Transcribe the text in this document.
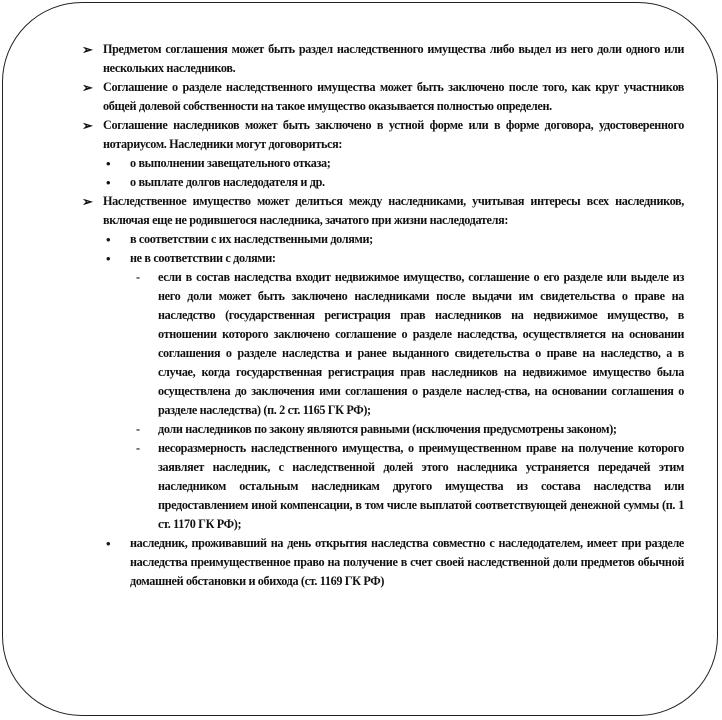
➢ Предметом соглашения может быть раздел наследственного имущества либо выдел из него доли одного или нескольких наследников.
➢ Соглашение о разделе наследственного имущества может быть заключено после того, как круг участников общей долевой собственности на такое имущество оказывается полностью определен.
➢ Соглашение наследников может быть заключено в устной форме или в форме договора, удостоверенного нотариусом. Наследники могут договориться:
• о выполнении завещательного отказа;
• о выплате долгов наследодателя и др.
➢ Наследственное имущество может делиться между наследниками, учитывая интересы всех наследников, включая еще не родившегося наследника, зачатого при жизни наследодателя:
• в соответствии с их наследственными долями;
• не в соответствии с долями:
- если в состав наследства входит недвижимое имущество, соглашение о его разделе или выделе из него доли может быть заключено наследниками после выдачи им свидетельства о праве на наследство (государственная регистрация прав наследников на недвижимое имущество, в отношении которого заключено соглашение о разделе наследства, осуществляется на основании соглашения о разделе наследства и ранее выданного свидетельства о праве на наследство, а в случае, когда государственная регистрация прав наследников на недвижимое имущество была осуществлена до заключения ими соглашения о разделе наслед-ства, на основании соглашения о разделе наследства) (п. 2 ст. 1165 ГК РФ);
- доли наследников по закону являются равными (исключения предусмотрены законом);
- несоразмерность наследственного имущества, о преимущественном праве на получение которого заявляет наследник, с наследственной долей этого наследника устраняется передачей этим наследником остальным наследникам другого имущества из состава наследства или предоставлением иной компенсации, в том числе выплатой соответствующей денежной суммы (п. 1 ст. 1170 ГК РФ);
• наследник, проживавший на день открытия наследства совместно с наследодателем, имеет при разделе наследства преимущественное право на получение в счет своей наследственной доли предметов обычной домашней обстановки и обихода (ст. 1169 ГК РФ)
